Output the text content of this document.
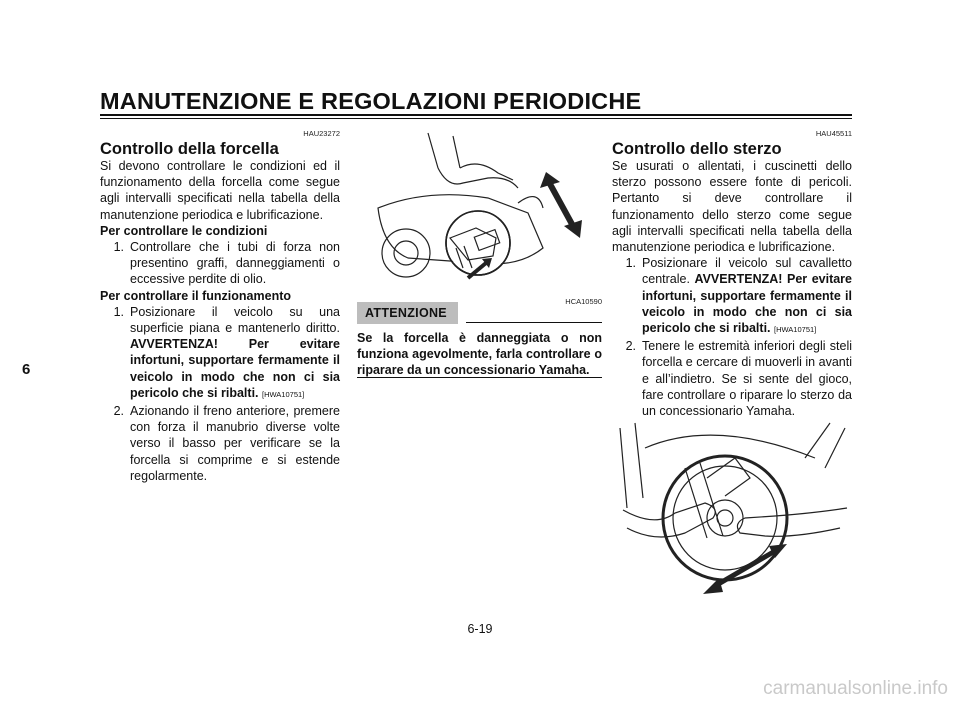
MANUTENZIONE E REGOLAZIONI PERIODICHE
6
HAU23272
Controllo della forcella

Si devono controllare le condizioni ed il funzionamento della forcella come segue agli intervalli specificati nella tabella della manutenzione periodica e lubrificazione.

Per controllare le condizioni
1. Controllare che i tubi di forza non presentino graffi, danneggiamenti o eccessive perdite di olio.
Per controllare il funzionamento
1. Posizionare il veicolo su una superficie piana e mantenerlo diritto. AVVERTENZA! Per evitare infortuni, supportare fermamente il veicolo in modo che non ci sia pericolo che si ribalti. [HWA10751]
2. Azionando il freno anteriore, premere con forza il manubrio diverse volte verso il basso per verificare se la forcella si comprime e si estende regolarmente.
HCA10590
ATTENZIONE
Se la forcella è danneggiata o non funziona agevolmente, farla controllare o riparare da un concessionario Yamaha.
HAU45511
Controllo dello sterzo

Se usurati o allentati, i cuscinetti dello sterzo possono essere fonte di pericoli. Pertanto si deve controllare il funzionamento dello sterzo come segue agli intervalli specificati nella tabella della manutenzione periodica e lubrificazione.

1. Posizionare il veicolo sul cavalletto centrale. AVVERTENZA! Per evitare infortuni, supportare fermamente il veicolo in modo che non ci sia pericolo che si ribalti. [HWA10751]
2. Tenere le estremità inferiori degli steli forcella e cercare di muoverli in avanti e all’indietro. Se si sente del gioco, fare controllare o riparare lo sterzo da un concessionario Yamaha.
6-19
carmanualsonline.info
